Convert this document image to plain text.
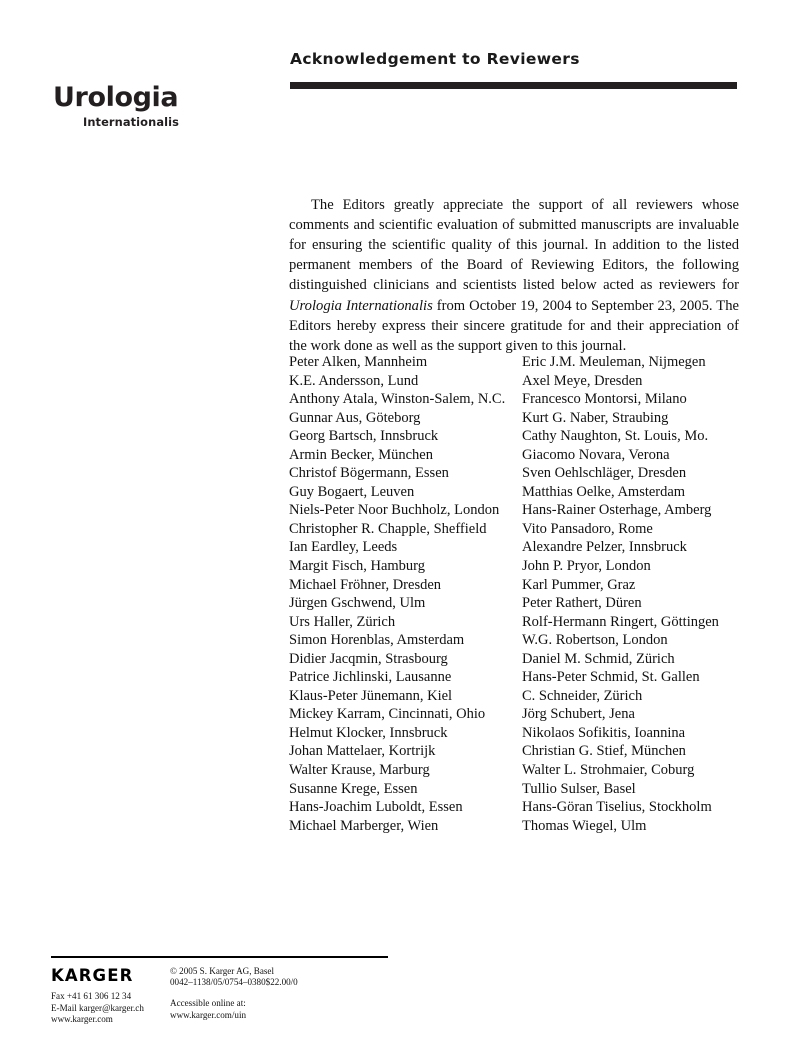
Acknowledgement to Reviewers
Urologia
Internationalis

The Editors greatly appreciate the support of all reviewers whose comments and scientific evaluation of submitted manuscripts are invaluable for ensuring the scientific quality of this journal. In addition to the listed permanent members of the Board of Reviewing Editors, the following distinguished clinicians and scientists listed below acted as reviewers for Urologia Internationalis from October 19, 2004 to September 23, 2005. The Editors hereby express their sincere gratitude for and their appreciation of the work done as well as the support given to this journal.

Peter Alken, Mannheim
K.E. Andersson, Lund
Anthony Atala, Winston-Salem, N.C.
Gunnar Aus, Göteborg
Georg Bartsch, Innsbruck
Armin Becker, München
Christof Bögermann, Essen
Guy Bogaert, Leuven
Niels-Peter Noor Buchholz, London
Christopher R. Chapple, Sheffield
Ian Eardley, Leeds
Margit Fisch, Hamburg
Michael Fröhner, Dresden
Jürgen Gschwend, Ulm
Urs Haller, Zürich
Simon Horenblas, Amsterdam
Didier Jacqmin, Strasbourg
Patrice Jichlinski, Lausanne
Klaus-Peter Jünemann, Kiel
Mickey Karram, Cincinnati, Ohio
Helmut Klocker, Innsbruck
Johan Mattelaer, Kortrijk
Walter Krause, Marburg
Susanne Krege, Essen
Hans-Joachim Luboldt, Essen
Michael Marberger, Wien
Eric J.M. Meuleman, Nijmegen
Axel Meye, Dresden
Francesco Montorsi, Milano
Kurt G. Naber, Straubing
Cathy Naughton, St. Louis, Mo.
Giacomo Novara, Verona
Sven Oehlschläger, Dresden
Matthias Oelke, Amsterdam
Hans-Rainer Osterhage, Amberg
Vito Pansadoro, Rome
Alexandre Pelzer, Innsbruck
John P. Pryor, London
Karl Pummer, Graz
Peter Rathert, Düren
Rolf-Hermann Ringert, Göttingen
W.G. Robertson, London
Daniel M. Schmid, Zürich
Hans-Peter Schmid, St. Gallen
C. Schneider, Zürich
Jörg Schubert, Jena
Nikolaos Sofikitis, Ioannina
Christian G. Stief, München
Walter L. Strohmaier, Coburg
Tullio Sulser, Basel
Hans-Göran Tiselius, Stockholm
Thomas Wiegel, Ulm
KARGER
Fax +41 61 306 12 34
E-Mail karger@karger.ch
www.karger.com
© 2005 S. Karger AG, Basel
0042–1138/05/0754–0380$22.00/0
Accessible online at:
www.karger.com/uin
